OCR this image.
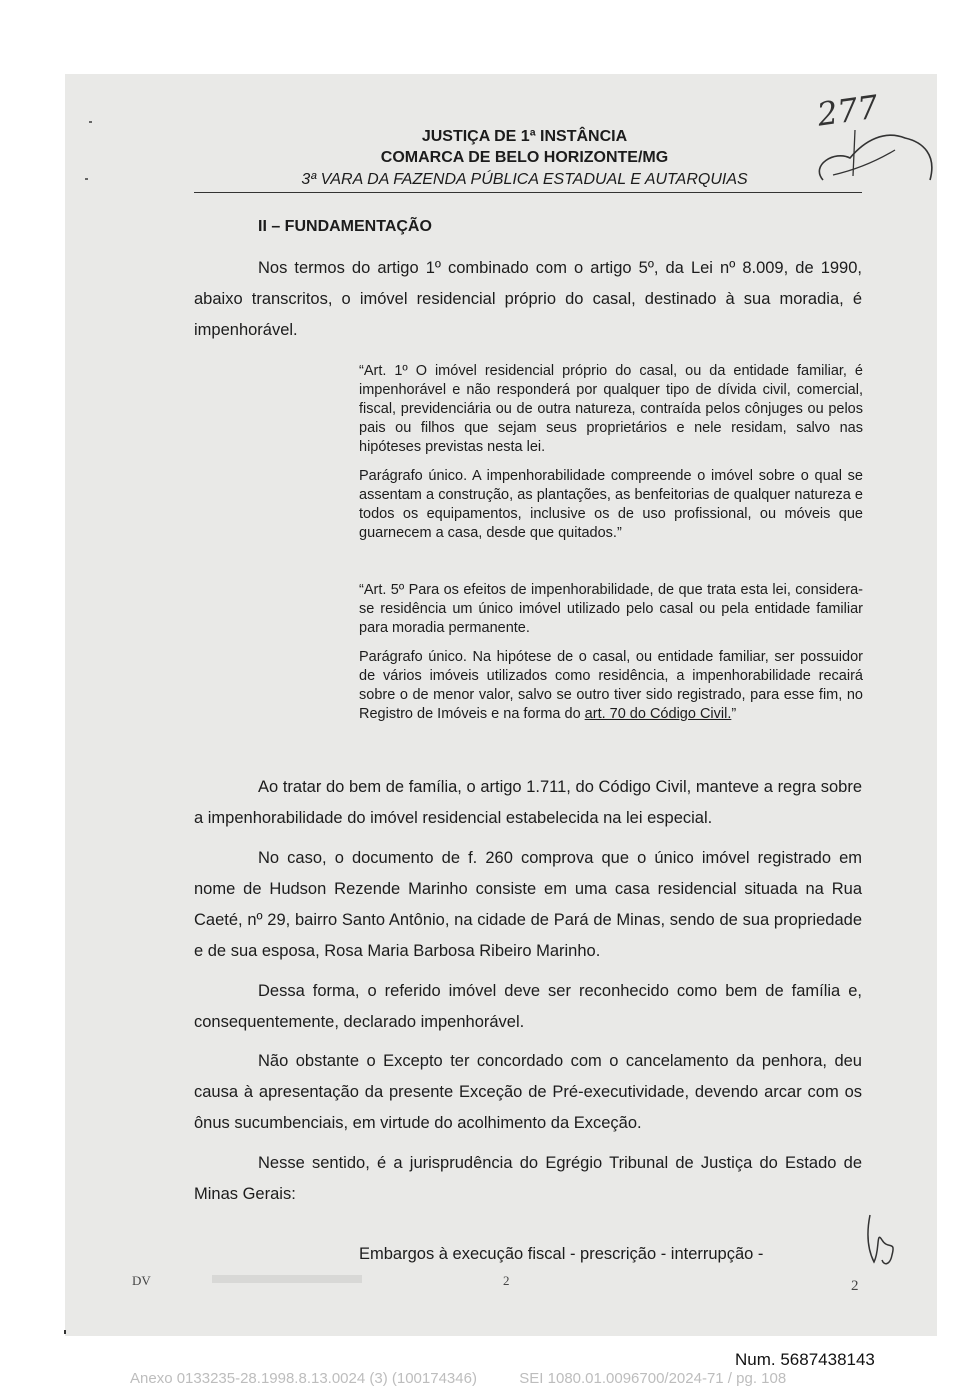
JUSTIÇA DE 1ª INSTÂNCIA
COMARCA DE BELO HORIZONTE/MG
3ª VARA DA FAZENDA PÚBLICA ESTADUAL E AUTARQUIAS
277
II – FUNDAMENTAÇÃO

Nos termos do artigo 1º combinado com o artigo 5º, da Lei nº 8.009, de 1990, abaixo transcritos, o imóvel residencial próprio do casal, destinado à sua moradia, é impenhorável.

“Art. 1º O imóvel residencial próprio do casal, ou da entidade familiar, é impenhorável e não responderá por qualquer tipo de dívida civil, comercial, fiscal, previdenciária ou de outra natureza, contraída pelos cônjuges ou pelos pais ou filhos que sejam seus proprietários e nele residam, salvo nas hipóteses previstas nesta lei.

Parágrafo único. A impenhorabilidade compreende o imóvel sobre o qual se assentam a construção, as plantações, as benfeitorias de qualquer natureza e todos os equipamentos, inclusive os de uso profissional, ou móveis que guarnecem a casa, desde que quitados.”

“Art. 5º Para os efeitos de impenhorabilidade, de que trata esta lei, considera-se residência um único imóvel utilizado pelo casal ou pela entidade familiar para moradia permanente.

Parágrafo único. Na hipótese de o casal, ou entidade familiar, ser possuidor de vários imóveis utilizados como residência, a impenhorabilidade recairá sobre o de menor valor, salvo se outro tiver sido registrado, para esse fim, no Registro de Imóveis e na forma do art. 70 do Código Civil.”

Ao tratar do bem de família, o artigo 1.711, do Código Civil, manteve a regra sobre a impenhorabilidade do imóvel residencial estabelecida na lei especial.

No caso, o documento de f. 260 comprova que o único imóvel registrado em nome de Hudson Rezende Marinho consiste em uma casa residencial situada na Rua Caeté, nº 29, bairro Santo Antônio, na cidade de Pará de Minas, sendo de sua propriedade e de sua esposa, Rosa Maria Barbosa Ribeiro Marinho.

Dessa forma, o referido imóvel deve ser reconhecido como bem de família e, consequentemente, declarado impenhorável.

Não obstante o Excepto ter concordado com o cancelamento da penhora, deu causa à apresentação da presente Exceção de Pré-executividade, devendo arcar com os ônus sucumbenciais, em virtude do acolhimento da Exceção.

Nesse sentido, é a jurisprudência do Egrégio Tribunal de Justiça do Estado de Minas Gerais:

Embargos à execução fiscal - prescrição - interrupção -

DV	2	2
Num. 5687438143
Anexo 0133235-28.1998.8.13.0024 (3) (100174346)	SEI 1080.01.0096700/2024-71 / pg. 108
